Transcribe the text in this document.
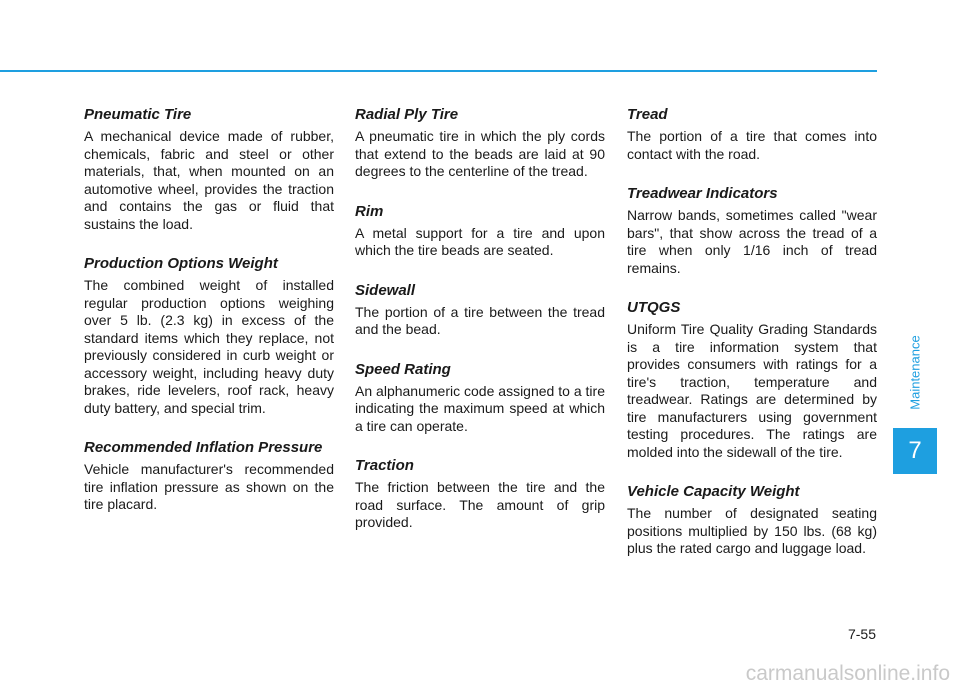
Pneumatic Tire

A mechanical device made of rubber, chemicals, fabric and steel or other materials, that, when mounted on an automotive wheel, provides the traction and contains the gas or fluid that sustains the load.

Production Options Weight

The combined weight of installed regular production options weighing over 5 lb. (2.3 kg) in excess of the standard items which they replace, not previously considered in curb weight or accessory weight, including heavy duty brakes, ride levelers, roof rack, heavy duty battery, and special trim.

Recommended Inflation Pressure

Vehicle manufacturer's recommended tire inflation pressure as shown on the tire placard.

Radial Ply Tire

A pneumatic tire in which the ply cords that extend to the beads are laid at 90 degrees to the centerline of the tread.

Rim

A metal support for a tire and upon which the tire beads are seated.

Sidewall

The portion of a tire between the tread and the bead.

Speed Rating

An alphanumeric code assigned to a tire indicating the maximum speed at which a tire can operate.

Traction

The friction between the tire and the road surface. The amount of grip provided.

Tread

The portion of a tire that comes into contact with the road.

Treadwear Indicators

Narrow bands, sometimes called "wear bars", that show across the tread of a tire when only 1/16 inch of tread remains.

UTQGS

Uniform Tire Quality Grading Standards is a tire information system that provides consumers with ratings for a tire's traction, temperature and treadwear. Ratings are determined by tire manufacturers using government testing procedures. The ratings are molded into the sidewall of the tire.

Vehicle Capacity Weight

The number of designated seating positions multiplied by 150 lbs. (68 kg) plus the rated cargo and luggage load.

Maintenance
7
7-55
carmanualsonline.info
